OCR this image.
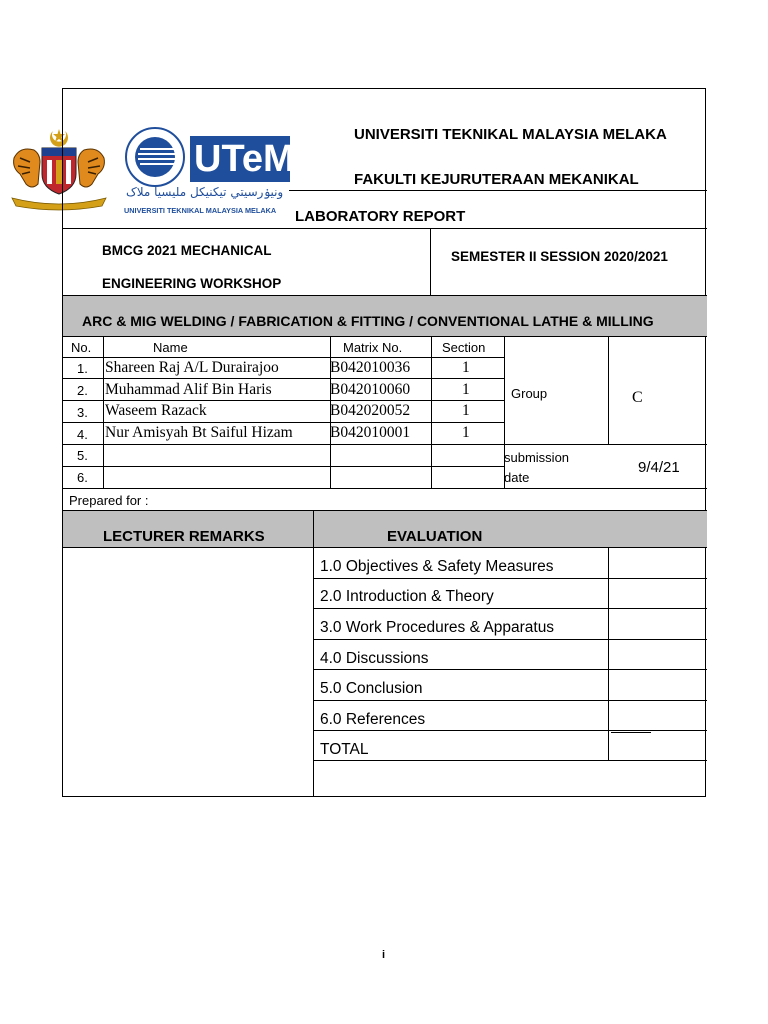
UTeM
ونيۏرسيتي تيکنيکل مليسيا ملاک
UNIVERSITI TEKNIKAL MALAYSIA MELAKA
UNIVERSITI TEKNIKAL MALAYSIA MELAKA
FAKULTI KEJURUTERAAN MEKANIKAL
LABORATORY REPORT
BMCG 2021 MECHANICAL
ENGINEERING WORKSHOP
SEMESTER II SESSION 2020/2021
ARC & MIG WELDING / FABRICATION & FITTING / CONVENTIONAL LATHE & MILLING
No.	Name	Matrix No.	Section
1. Shareen Raj A/L Durairajoo	B042010036	1
2. Muhammad Alif Bin Haris	B042010060	1
3. Waseem Razack	B042020052	1
4. Nur Amisyah Bt Saiful Hizam B042010001	1
5.
6.
Group	C
submission
date
9/4/21
Prepared for :
LECTURER REMARKS	EVALUATION
1.0 Objectives & Safety Measures
2.0 Introduction & Theory
3.0 Work Procedures & Apparatus
4.0 Discussions
5.0 Conclusion
6.0 References
TOTAL
i
